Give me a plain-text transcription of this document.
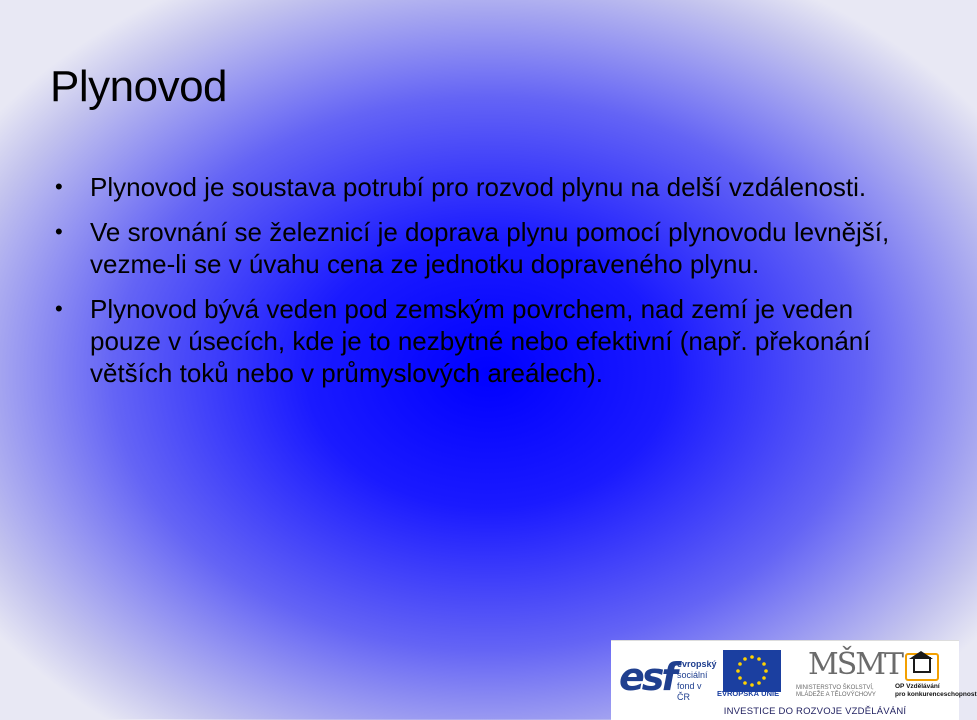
Plynovod
• Plynovod je soustava potrubí pro rozvod plynu na delší vzdálenosti.
• Ve srovnání se železnicí je doprava plynu pomocí plynovodu levnější, vezme-li se v úvahu cena ze jednotku dopraveného plynu.
• Plynovod bývá veden pod zemským povrchem, nad zemí je veden pouze v úsecích, kde je to nezbytné nebo efektivní (např. překonání větších toků nebo v průmyslových areálech).
esf evropský
sociální
fond v ČR	EVROPSKÁ UNIE
MŠMT
MINISTERSTVO ŠKOLSTVÍ,
MLÁDEŽE A TĚLOVÝCHOVY
OP Vzdělávání
pro konkurenceschopnost
INVESTICE DO ROZVOJE VZDĚLÁVÁNÍ
